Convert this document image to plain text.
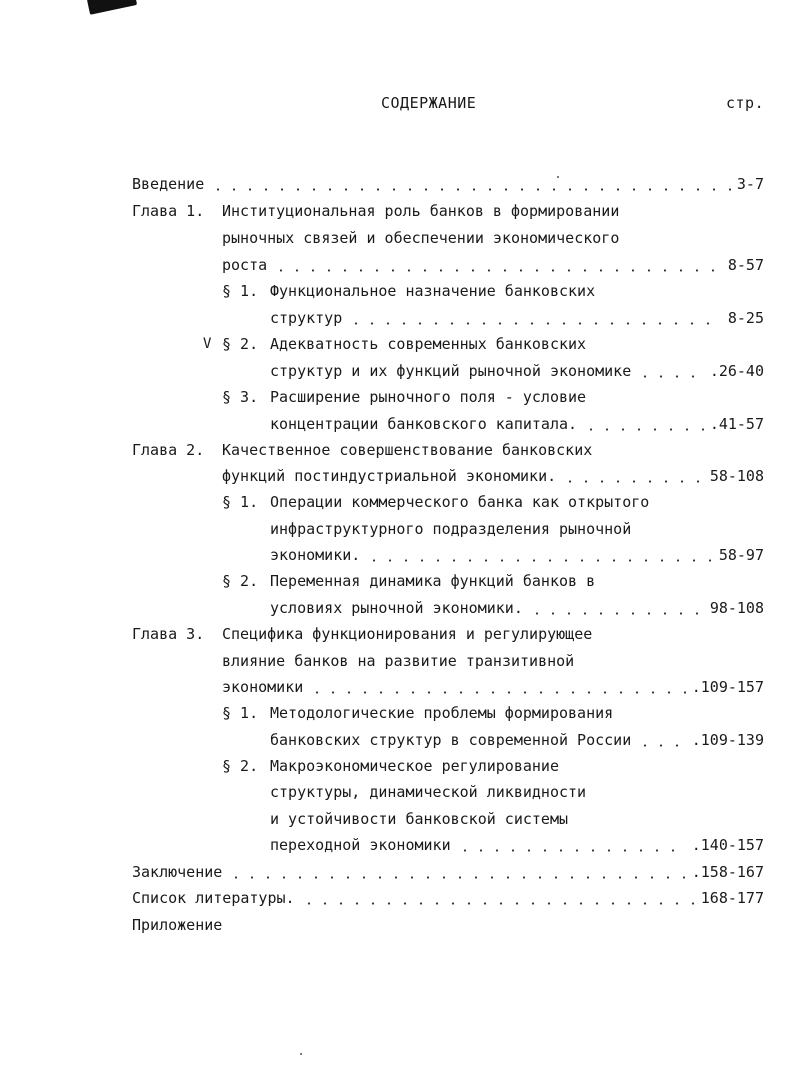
СОДЕРЖАНИЕ	стр.
Введение	3-7
Глава 1. Институциональная роль банков в формировании
рыночных связей и обеспечении экономического
роста	8-57
§ 1. Функциональное назначение банковских
структур	8-25
V § 2. Адекватность современных банковских
структур и их функций рыночной экономике	.26-40
§ 3. Расширение рыночного поля - условие
концентрации банковского капитала.	.41-57
Глава 2. Качественное совершенствование банковских
функций постиндустриальной экономики.	58-108
§ 1. Операции коммерческого банка как открытого
инфраструктурного подразделения рыночной
экономики.	58-97
§ 2. Переменная динамика функций банков в
условиях рыночной экономики.	98-108
Глава 3. Специфика функционирования и регулирующее
влияние банков на развитие транзитивной
экономики	.109-157
§ 1. Методологические проблемы формирования
банковских структур в современной России	.109-139
§ 2. Макроэкономическое регулирование
структуры, динамической ликвидности
и устойчивости банковской системы
переходной экономики	.140-157
Заключение	.158-167
Список литературы.	168-177
Приложение
